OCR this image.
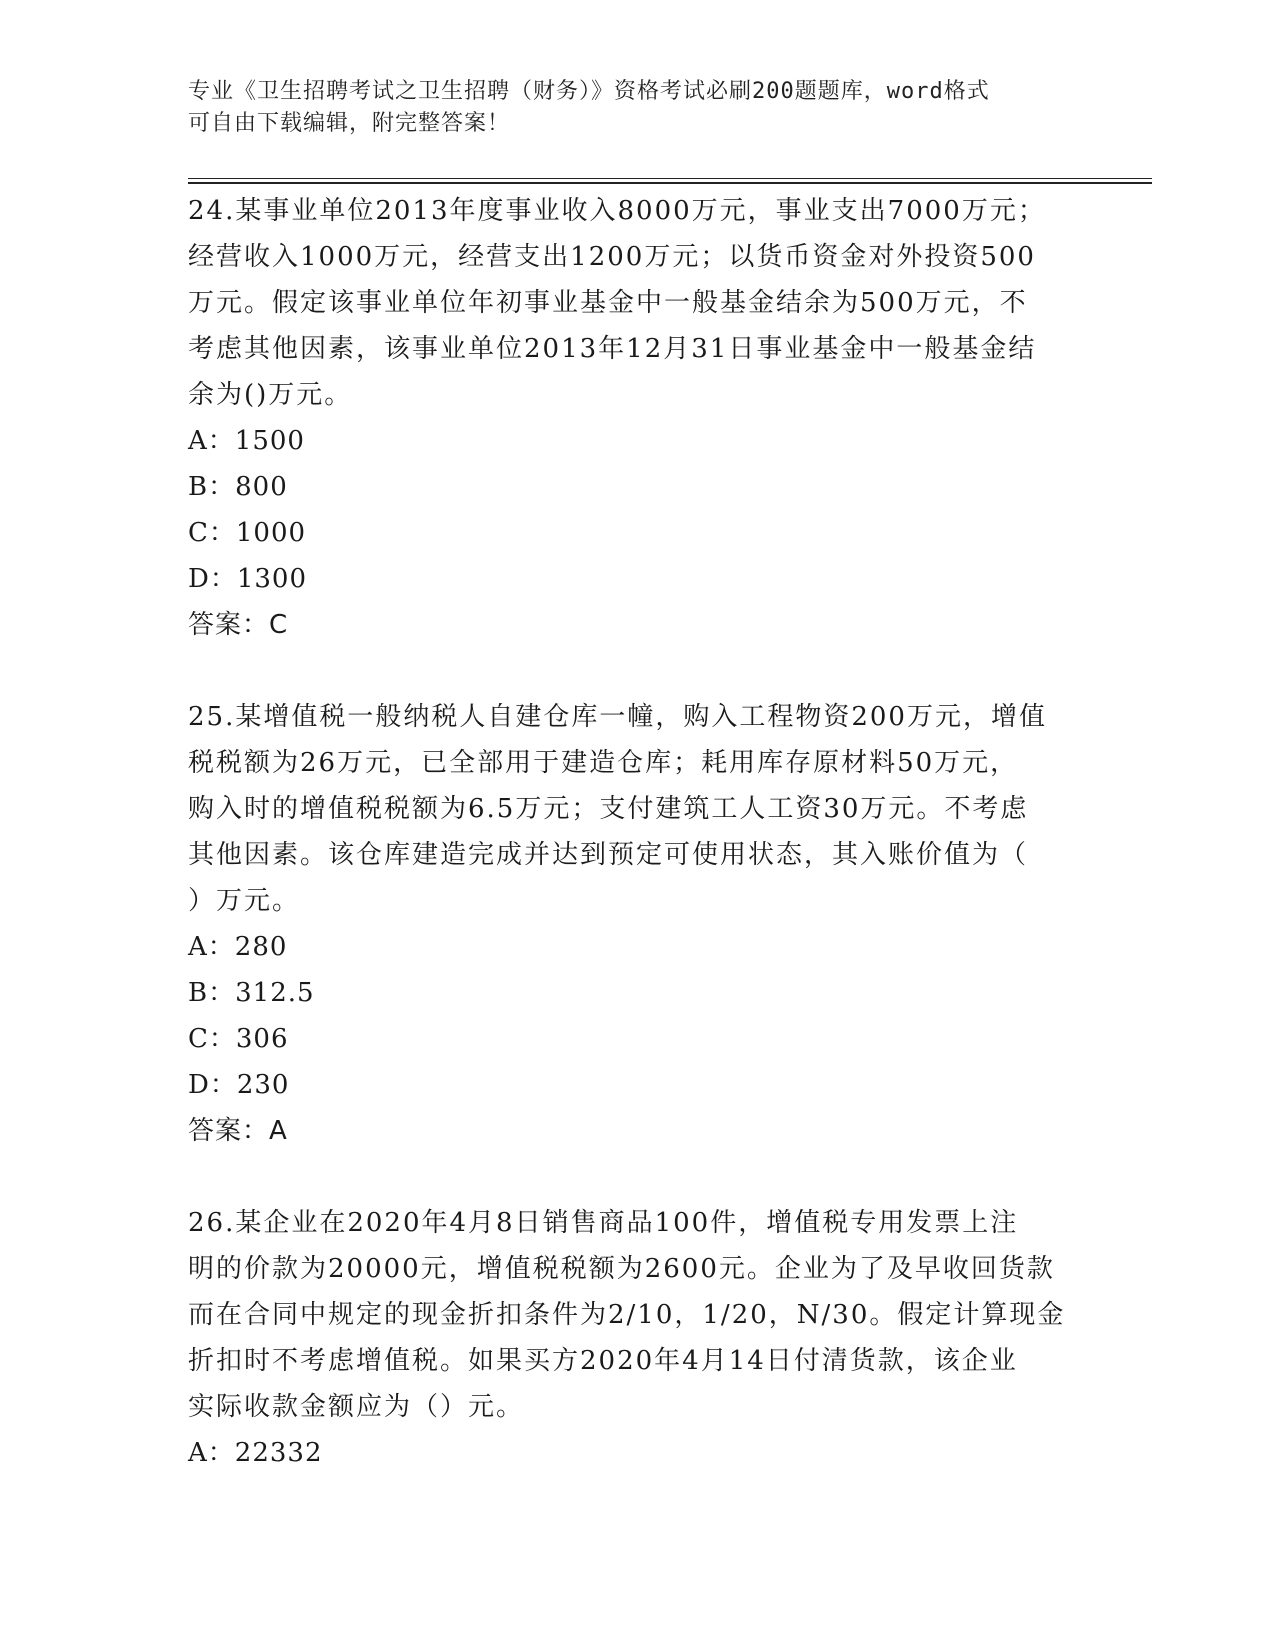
专业《卫生招聘考试之卫生招聘（财务）》资格考试必刷200题题库，word格式
可自由下载编辑，附完整答案！
24.某事业单位2013年度事业收入8000万元，事业支出7000万元；
经营收入1000万元，经营支出1200万元；以货币资金对外投资500
万元。假定该事业单位年初事业基金中一般基金结余为500万元，不
考虑其他因素，该事业单位2013年12月31日事业基金中一般基金结
余为()万元。
A：1500
B：800
C：1000
D：1300
答案：C
25.某增值税一般纳税人自建仓库一幢，购入工程物资200万元，增值
税税额为26万元，已全部用于建造仓库；耗用库存原材料50万元，
购入时的增值税税额为6.5万元；支付建筑工人工资30万元。不考虑
其他因素。该仓库建造完成并达到预定可使用状态，其入账价值为（
）万元。
A：280
B：312.5
C：306
D：230
答案：A
26.某企业在2020年4月8日销售商品100件，增值税专用发票上注
明的价款为20000元，增值税税额为2600元。企业为了及早收回货款
而在合同中规定的现金折扣条件为2/10，1/20，N/30。假定计算现金
折扣时不考虑增值税。如果买方2020年4月14日付清货款，该企业
实际收款金额应为（）元。
A：22332
